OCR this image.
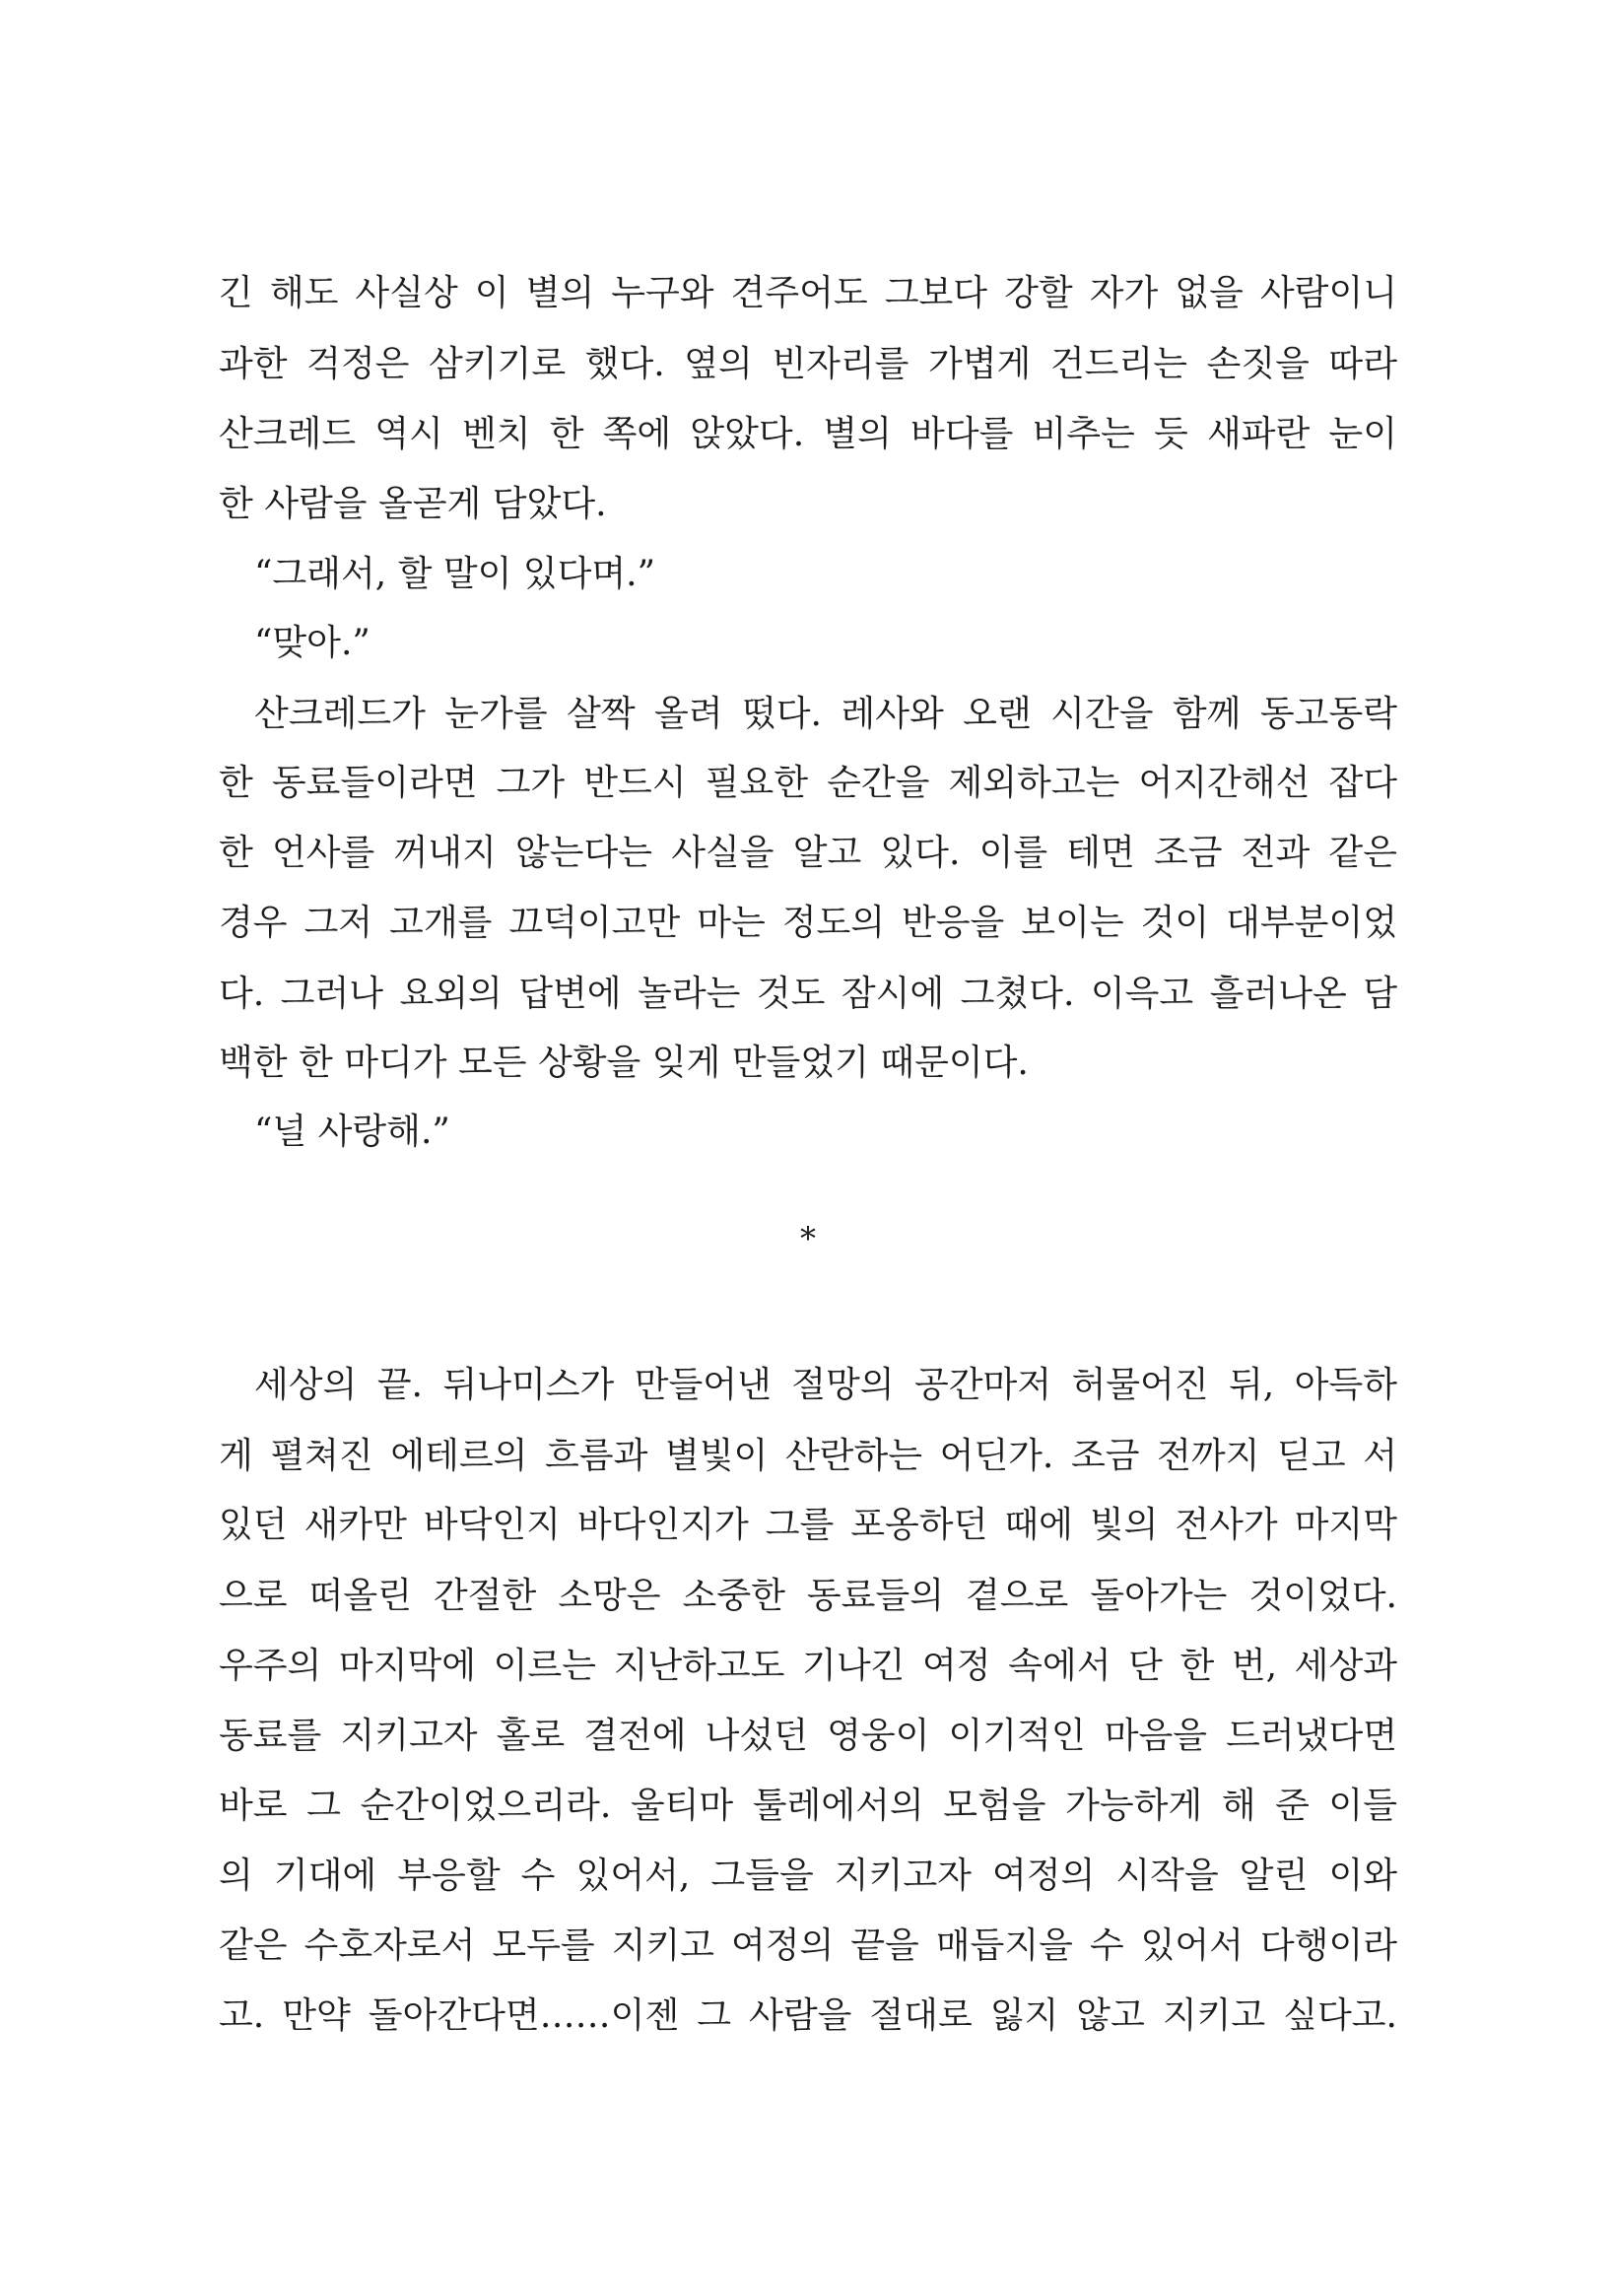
긴 해도 사실상 이 별의 누구와 견주어도 그보다 강할 자가 없을 사람이니
과한 걱정은 삼키기로 했다. 옆의 빈자리를 가볍게 건드리는 손짓을 따라
산크레드 역시 벤치 한 쪽에 앉았다. 별의 바다를 비추는 듯 새파란 눈이
한 사람을 올곧게 담았다.
“그래서, 할 말이 있다며.”
“맞아.”
산크레드가 눈가를 살짝 올려 떴다. 레사와 오랜 시간을 함께 동고동락
한 동료들이라면 그가 반드시 필요한 순간을 제외하고는 어지간해선 잡다
한 언사를 꺼내지 않는다는 사실을 알고 있다. 이를 테면 조금 전과 같은
경우 그저 고개를 끄덕이고만 마는 정도의 반응을 보이는 것이 대부분이었
다. 그러나 요외의 답변에 놀라는 것도 잠시에 그쳤다. 이윽고 흘러나온 담
백한 한 마디가 모든 상황을 잊게 만들었기 때문이다.
“널 사랑해.”
*
세상의 끝. 뒤나미스가 만들어낸 절망의 공간마저 허물어진 뒤, 아득하
게 펼쳐진 에테르의 흐름과 별빛이 산란하는 어딘가. 조금 전까지 딛고 서
있던 새카만 바닥인지 바다인지가 그를 포옹하던 때에 빛의 전사가 마지막
으로 떠올린 간절한 소망은 소중한 동료들의 곁으로 돌아가는 것이었다.
우주의 마지막에 이르는 지난하고도 기나긴 여정 속에서 단 한 번, 세상과
동료를 지키고자 홀로 결전에 나섰던 영웅이 이기적인 마음을 드러냈다면
바로 그 순간이었으리라. 울티마 툴레에서의 모험을 가능하게 해 준 이들
의 기대에 부응할 수 있어서, 그들을 지키고자 여정의 시작을 알린 이와
같은 수호자로서 모두를 지키고 여정의 끝을 매듭지을 수 있어서 다행이라
고. 만약 돌아간다면……이젠 그 사람을 절대로 잃지 않고 지키고 싶다고.
